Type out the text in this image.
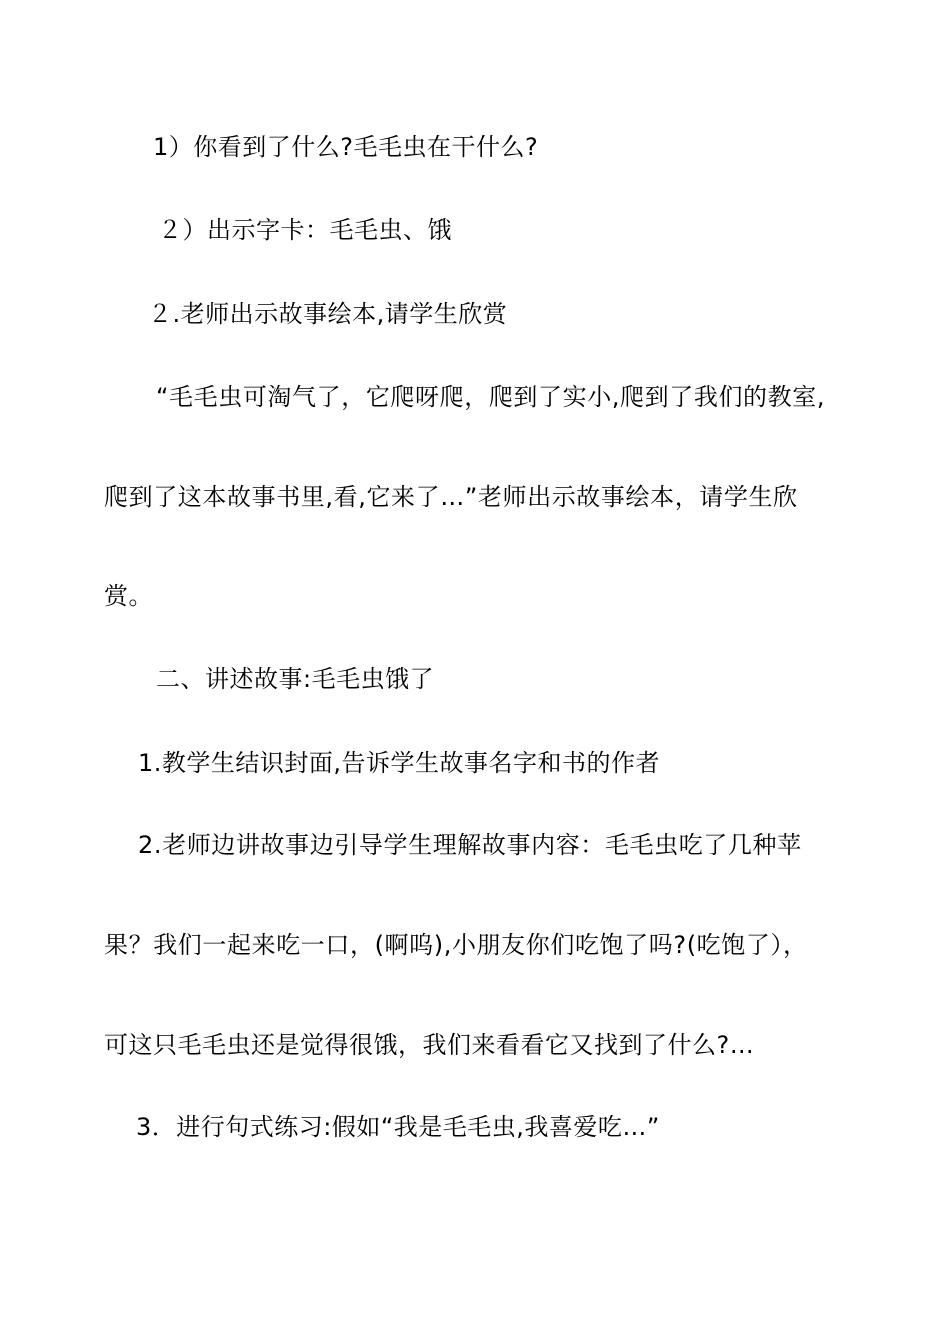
1）你看到了什么?毛毛虫在干什么?
２）出示字卡：毛毛虫、饿
２.老师出示故事绘本,请学生欣赏
“毛毛虫可淘气了，它爬呀爬，爬到了实小,爬到了我们的教室,
爬到了这本故事书里,看,它来了…”老师出示故事绘本，请学生欣
赏。
二、讲述故事:毛毛虫饿了
1.教学生结识封面,告诉学生故事名字和书的作者
2.老师边讲故事边引导学生理解故事内容：毛毛虫吃了几种苹
果？我们一起来吃一口，(啊呜),小朋友你们吃饱了吗?(吃饱了），
可这只毛毛虫还是觉得很饿，我们来看看它又找到了什么?…
3．进行句式练习:假如“我是毛毛虫,我喜爱吃…”
